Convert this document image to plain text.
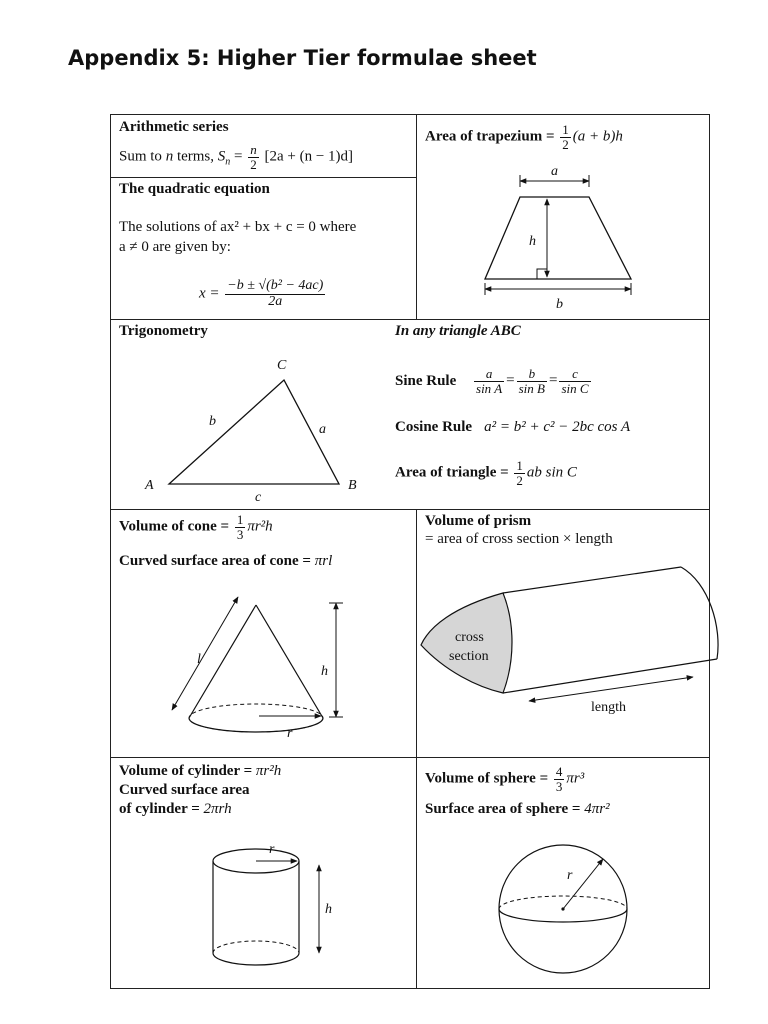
Appendix 5: Higher Tier formulae sheet
Arithmetic series
Sum to n terms, $S_n = \frac{n}{2} [2a + (n - 1)d]$
Area of trapezium = $\frac{1}{2} (a + b)h$
a
h
b
The quadratic equation
The solutions of ax² + bx + c = 0 where
a ≠ 0 are given by:
$x = \frac{\text{−b ± √(b² − 4ac)}}{2a}$
Trigonometry
C
A	B
b
a
c
In any triangle ABC
Sine Rule $\frac{a}{\text{sin A}} = \frac{b}{\text{sin B}} = \frac{c}{\text{sin C}}$
Cosine Rule a² = b² + c² − 2bc cos A
Area of triangle = $\frac{1}{2}$ ab sin C
Volume of cone = $\frac{1}{3} \pi r^2h$
Curved surface area of cone = πrl
l
h
r
Volume of prism
= area of cross section × length
cross
section
length
Volume of cylinder = πr²h
Curved surface area
of cylinder = 2πrh
r
h
Volume of sphere = $\frac{4}{3} \pi r^3$
Surface area of sphere = 4πr²
r
